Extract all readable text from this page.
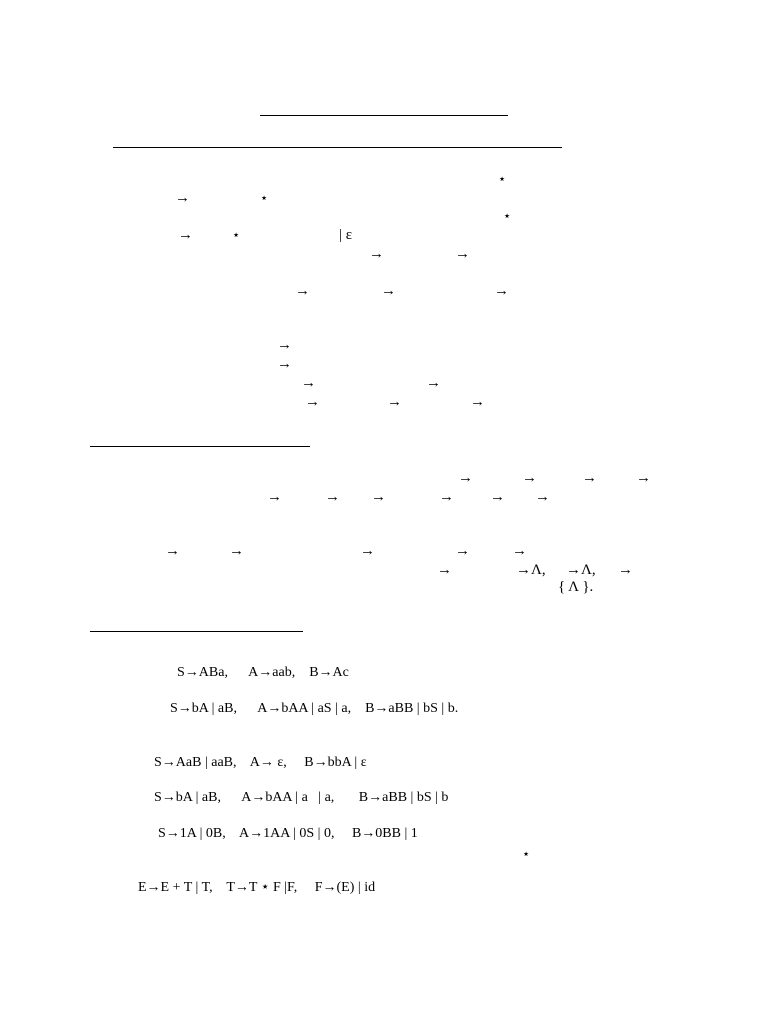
⋆
→	⋆
⋆
→	⋆	| ε
→	→
→	→	→
→
→
→	→
→	→	→
→	→	→	→
→	→ →	→ → →
→	→	→	→	→
→	→Λ, →Λ, →
{ Λ }.
S→ABa,      A→aab,    B→Ac
S→bA | aB,      A→bAA | aS | a,    B→aBB | bS | b.
S→AaB | aaB,    A→ ε,     B→bbA | ε
S→bA | aB,      A→bAA | a   | a,       B→aBB | bS | b
S→1A | 0B,    A→1AA | 0S | 0,     B→0BB | 1
⋆
E→E + T | T,    T→T ⋆ F |F,     F→(E) | id
